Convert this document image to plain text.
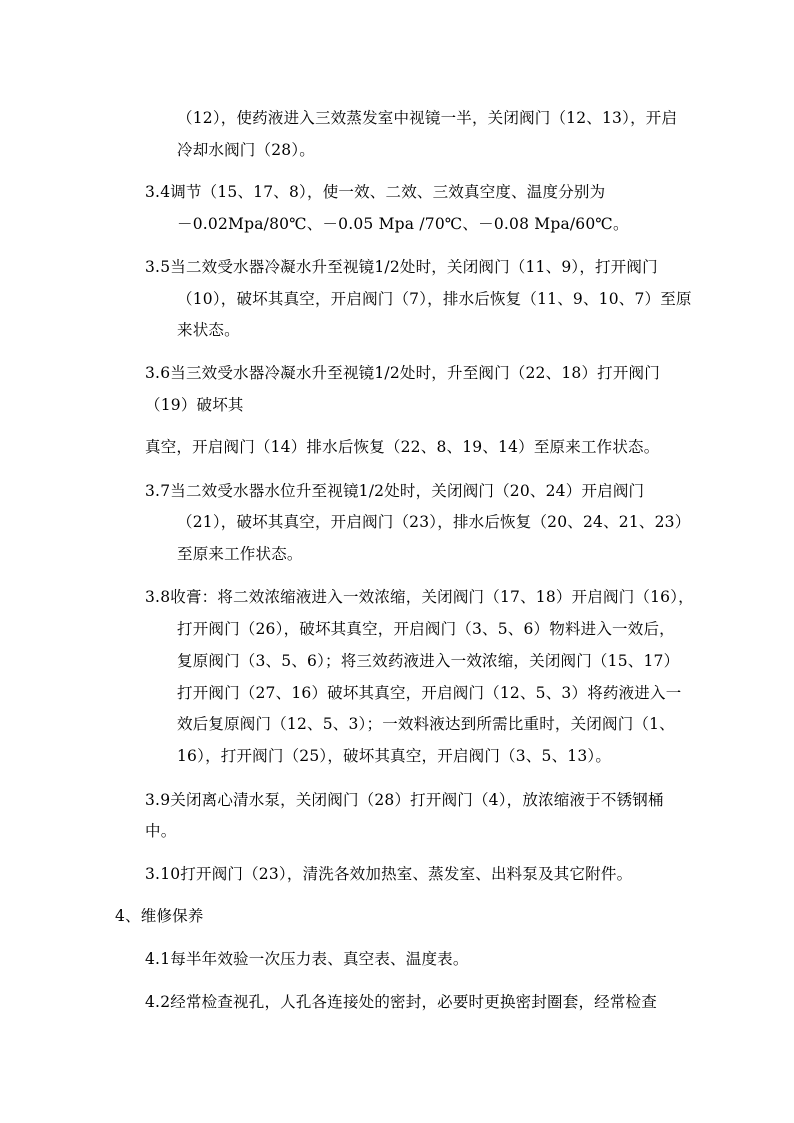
（12），使药液进入三效蒸发室中视镜一半，关闭阀门（12、13），开启
冷却水阀门（28）。
3.4调节（15、17、8），使一效、二效、三效真空度、温度分别为
－0.02Mpa/80℃、－0.05 Mpa /70℃、－0.08 Mpa/60℃。
3.5当二效受水器冷凝水升至视镜1/2处时，关闭阀门（11、9），打开阀门
（10），破坏其真空，开启阀门（7），排水后恢复（11、9、10、7）至原
来状态。
3.6当三效受水器冷凝水升至视镜1/2处时，升至阀门（22、18）打开阀门
（19）破坏其
真空，开启阀门（14）排水后恢复（22、8、19、14）至原来工作状态。
3.7当二效受水器水位升至视镜1/2处时，关闭阀门（20、24）开启阀门
（21），破坏其真空，开启阀门（23），排水后恢复（20、24、21、23）
至原来工作状态。
3.8收膏：将二效浓缩液进入一效浓缩，关闭阀门（17、18）开启阀门（16），
打开阀门（26），破坏其真空，开启阀门（3、5、6）物料进入一效后，
复原阀门（3、5、6）；将三效药液进入一效浓缩，关闭阀门（15、17）
打开阀门（27、16）破坏其真空，开启阀门（12、5、3）将药液进入一
效后复原阀门（12、5、3）；一效料液达到所需比重时，关闭阀门（1、
16），打开阀门（25），破坏其真空，开启阀门（3、5、13）。
3.9关闭离心清水泵，关闭阀门（28）打开阀门（4），放浓缩液于不锈钢桶
中。
3.10打开阀门（23），清洗各效加热室、蒸发室、出料泵及其它附件。
4、维修保养
4.1每半年效验一次压力表、真空表、温度表。
4.2经常检查视孔，人孔各连接处的密封，必要时更换密封圈套，经常检查
